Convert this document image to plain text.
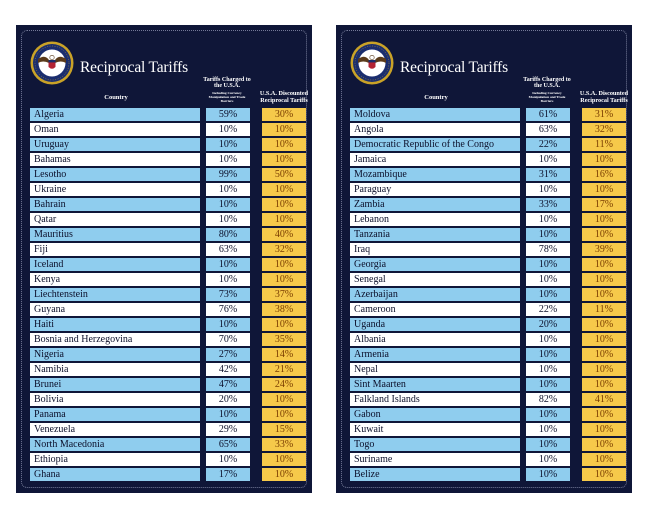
Reciprocal Tariffs
Country
Tariffs Charged to the U.S.A.
Including Currency Manipulation and Trade Barriers
U.S.A. Discounted Reciprocal Tariffs
Algeria	59%	30%
Oman	10%	10%
Uruguay	10%	10%
Bahamas	10%	10%
Lesotho	99%	50%
Ukraine	10%	10%
Bahrain	10%	10%
Qatar	10%	10%
Mauritius	80%	40%
Fiji	63%	32%
Iceland	10%	10%
Kenya	10%	10%
Liechtenstein	73%	37%
Guyana	76%	38%
Haiti	10%	10%
Bosnia and Herzegovina	70%	35%
Nigeria	27%	14%
Namibia	42%	21%
Brunei	47%	24%
Bolivia	20%	10%
Panama	10%	10%
Venezuela	29%	15%
North Macedonia	65%	33%
Ethiopia	10%	10%
Ghana	17%	10%
Reciprocal Tariffs
Country
Tariffs Charged to the U.S.A.
Including Currency Manipulation and Trade Barriers
U.S.A. Discounted Reciprocal Tariffs
Moldova	61%	31%
Angola	63%	32%
Democratic Republic of the Congo	22%	11%
Jamaica	10%	10%
Mozambique	31%	16%
Paraguay	10%	10%
Zambia	33%	17%
Lebanon	10%	10%
Tanzania	10%	10%
Iraq	78%	39%
Georgia	10%	10%
Senegal	10%	10%
Azerbaijan	10%	10%
Cameroon	22%	11%
Uganda	20%	10%
Albania	10%	10%
Armenia	10%	10%
Nepal	10%	10%
Sint Maarten	10%	10%
Falkland Islands	82%	41%
Gabon	10%	10%
Kuwait	10%	10%
Togo	10%	10%
Suriname	10%	10%
Belize	10%	10%
